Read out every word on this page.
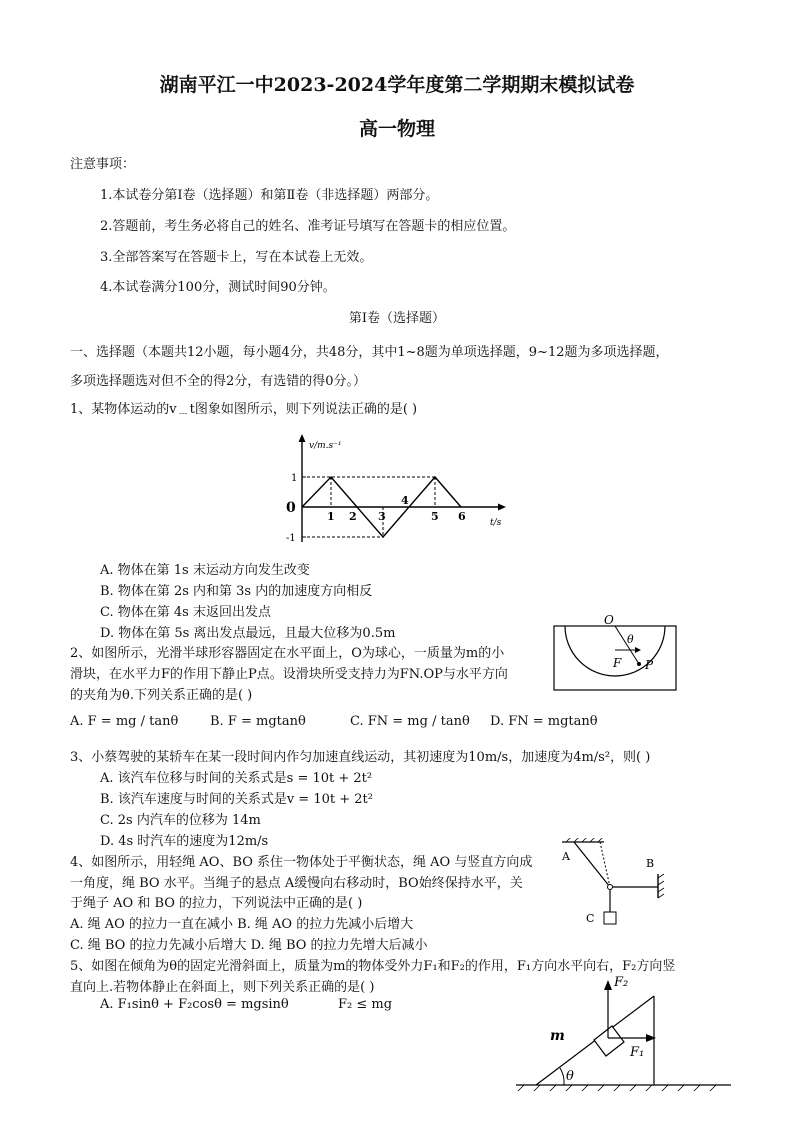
湖南平江一中2023-2024学年度第二学期期末模拟试卷
高一物理
注意事项：
1.本试卷分第Ⅰ卷（选择题）和第Ⅱ卷（非选择题）两部分。
2.答题前，考生务必将自己的姓名、准考证号填写在答题卡的相应位置。
3.全部答案写在答题卡上，写在本试卷上无效。
4.本试卷满分100分，测试时间90分钟。
第Ⅰ卷（选择题）
一、选择题（本题共12小题，每小题4分，共48分，其中1~8题为单项选择题，9~12题为多项选择题，
多项选择题选对但不全的得2分，有选错的得0分。）
1、某物体运动的v﹍t图象如图所示，则下列说法正确的是( )
v/m.s⁻¹
t/s
0
1
-1
1 2 3
4
5 6
A. 物体在第 1s 末运动方向发生改变
B. 物体在第 2s 内和第 3s 内的加速度方向相反
C. 物体在第 4s 末返回出发点
D. 物体在第 5s 离出发点最远，且最大位移为0.5m
2、如图所示，光滑半球形容器固定在水平面上，O为球心，一质量为m的小
滑块，在水平力F的作用下静止P点。设滑块所受支持力为FN.OP与水平方向
的夹角为θ.下列关系正确的是( )
O
θ
F P
A. F = mg / tanθ B. F = mgtanθ	C. FN = mg / tanθ D. FN = mgtanθ
3、小蔡驾驶的某轿车在某一段时间内作匀加速直线运动，其初速度为10m/s，加速度为4m/s²，则( )
A. 该汽车位移与时间的关系式是s = 10t + 2t²
B. 该汽车速度与时间的关系式是v = 10t + 2t²
C. 2s 内汽车的位移为 14m
D. 4s 时汽车的速度为12m/s
4、如图所示，用轻绳 AO、BO 系住一物体处于平衡状态，绳 AO 与竖直方向成
一角度，绳 BO 水平。当绳子的悬点 A缓慢向右移动时，BO始终保持水平，关
于绳子 AO 和 BO 的拉力，下列说法中正确的是( )
A. 绳 AO 的拉力一直在减小 B. 绳 AO 的拉力先减小后增大
C. 绳 BO 的拉力先减小后增大 D. 绳 BO 的拉力先增大后减小
A
B
C
5、如图在倾角为θ的固定光滑斜面上，质量为m的物体受外力F₁和F₂的作用，F₁方向水平向右，F₂方向竖
直向上.若物体静止在斜面上，则下列关系正确的是( )
A. F₁sinθ + F₂cosθ = mgsinθ	F₂ ≤ mg
F₂
m
F₁
θ
